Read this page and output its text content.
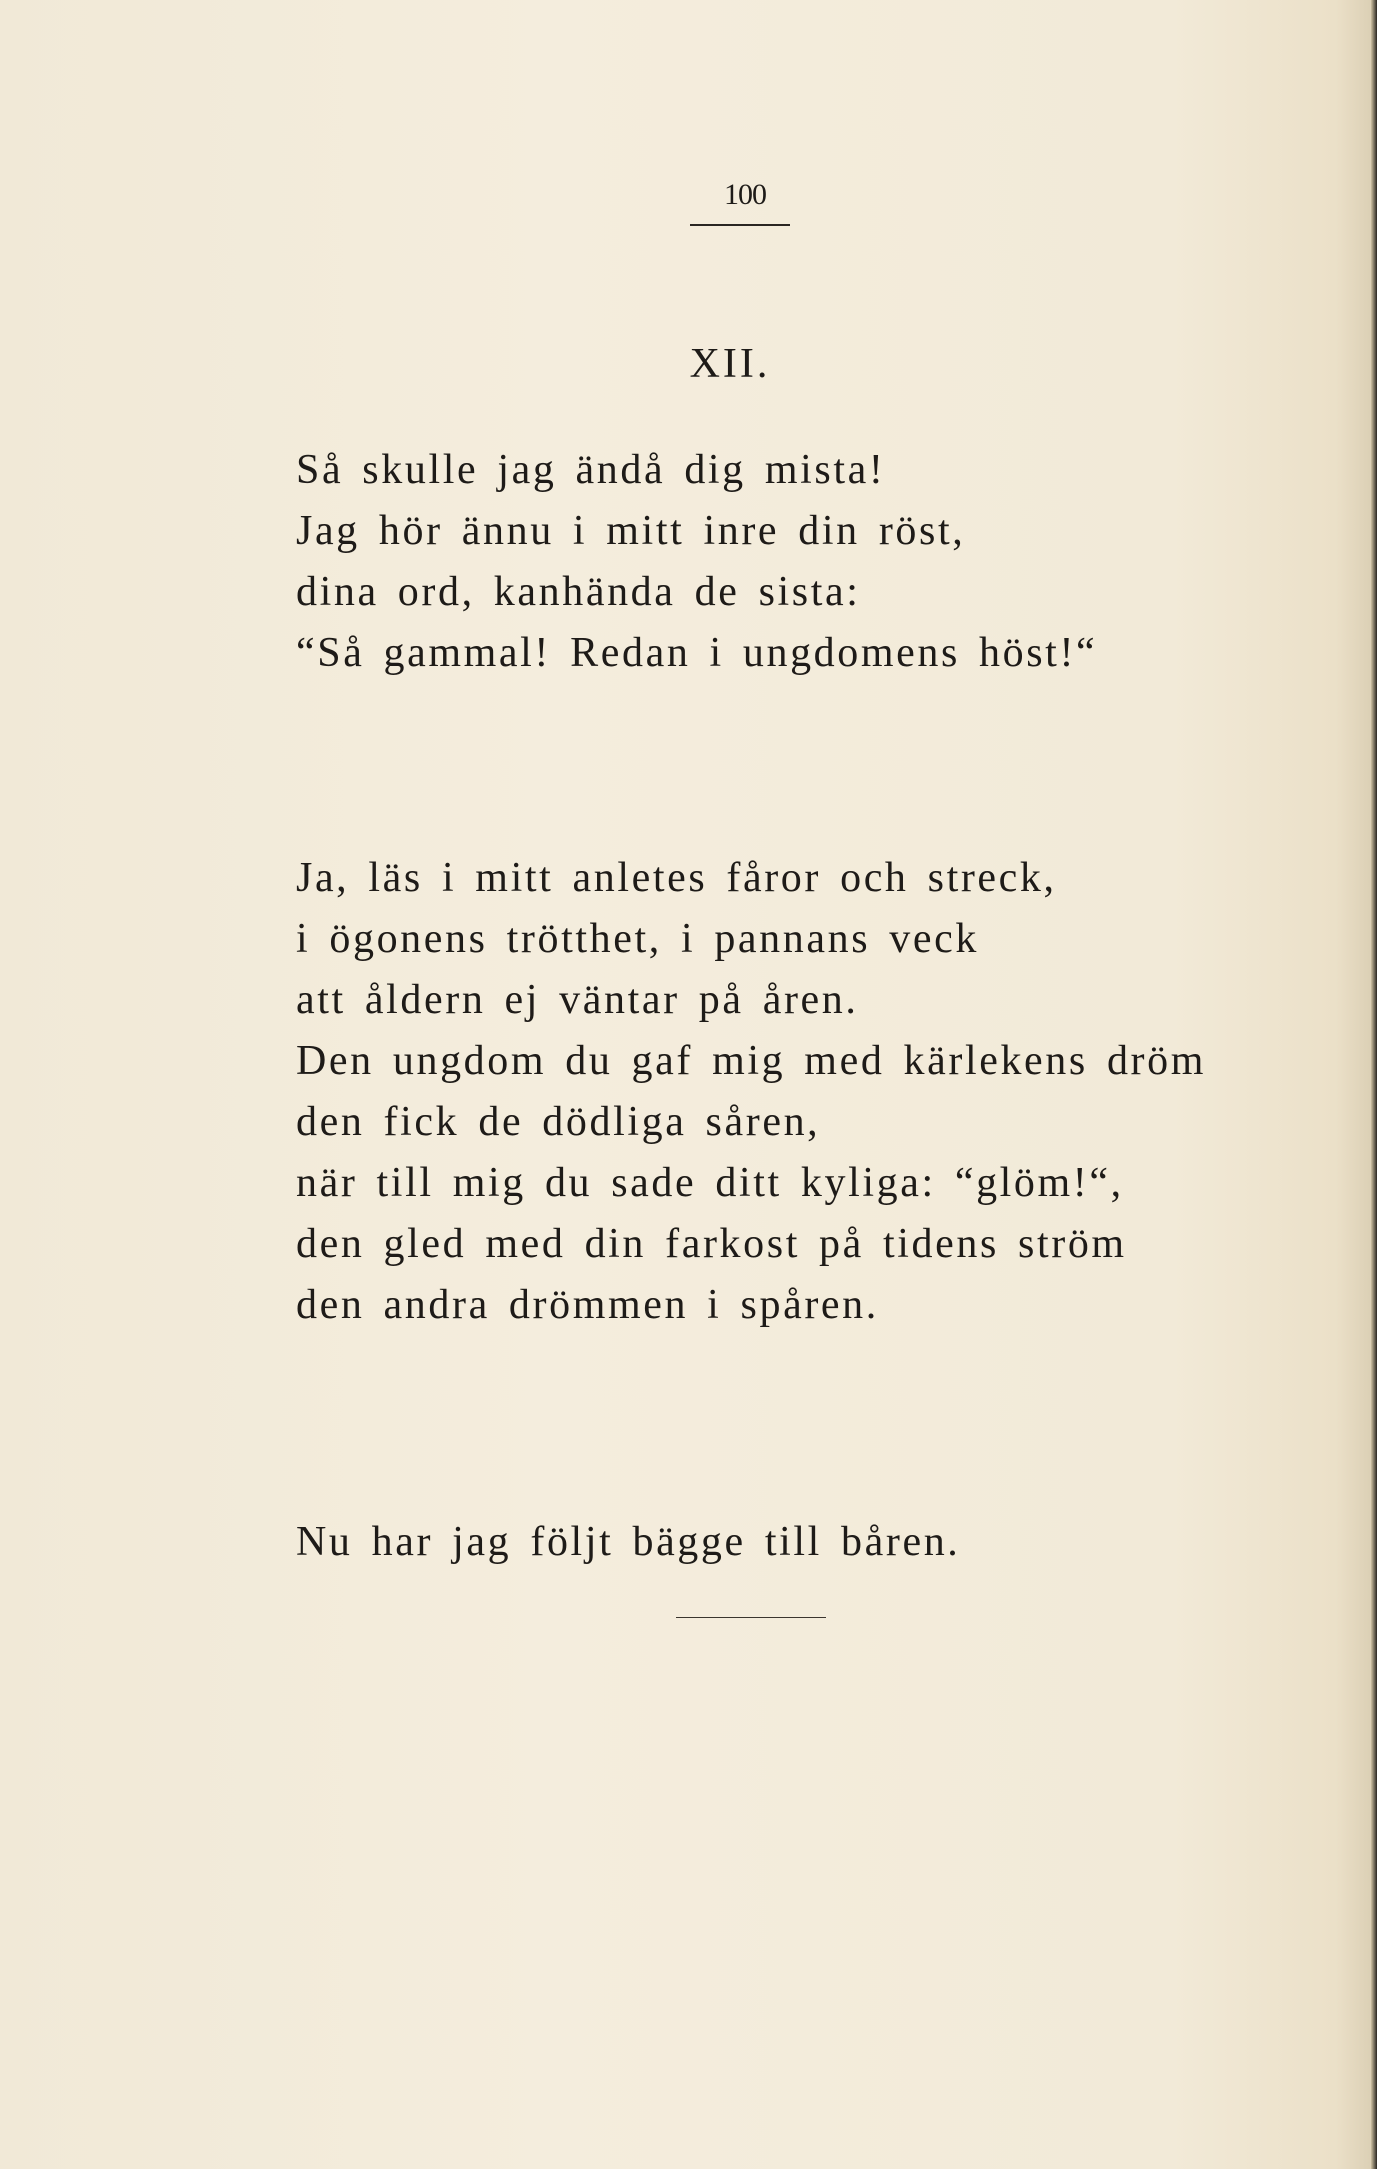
100
XII.
Så skulle jag ändå dig mista!
Jag hör ännu i mitt inre din röst,
dina ord, kanhända de sista:
“Så gammal! Redan i ungdomens höst!“
Ja, läs i mitt anletes fåror och streck,
i ögonens trötthet, i pannans veck
att åldern ej väntar på åren.
Den ungdom du gaf mig med kärlekens dröm
den fick de dödliga såren,
när till mig du sade ditt kyliga: “glöm!“,
den gled med din farkost på tidens ström
den andra drömmen i spåren.
Nu har jag följt bägge till båren.
